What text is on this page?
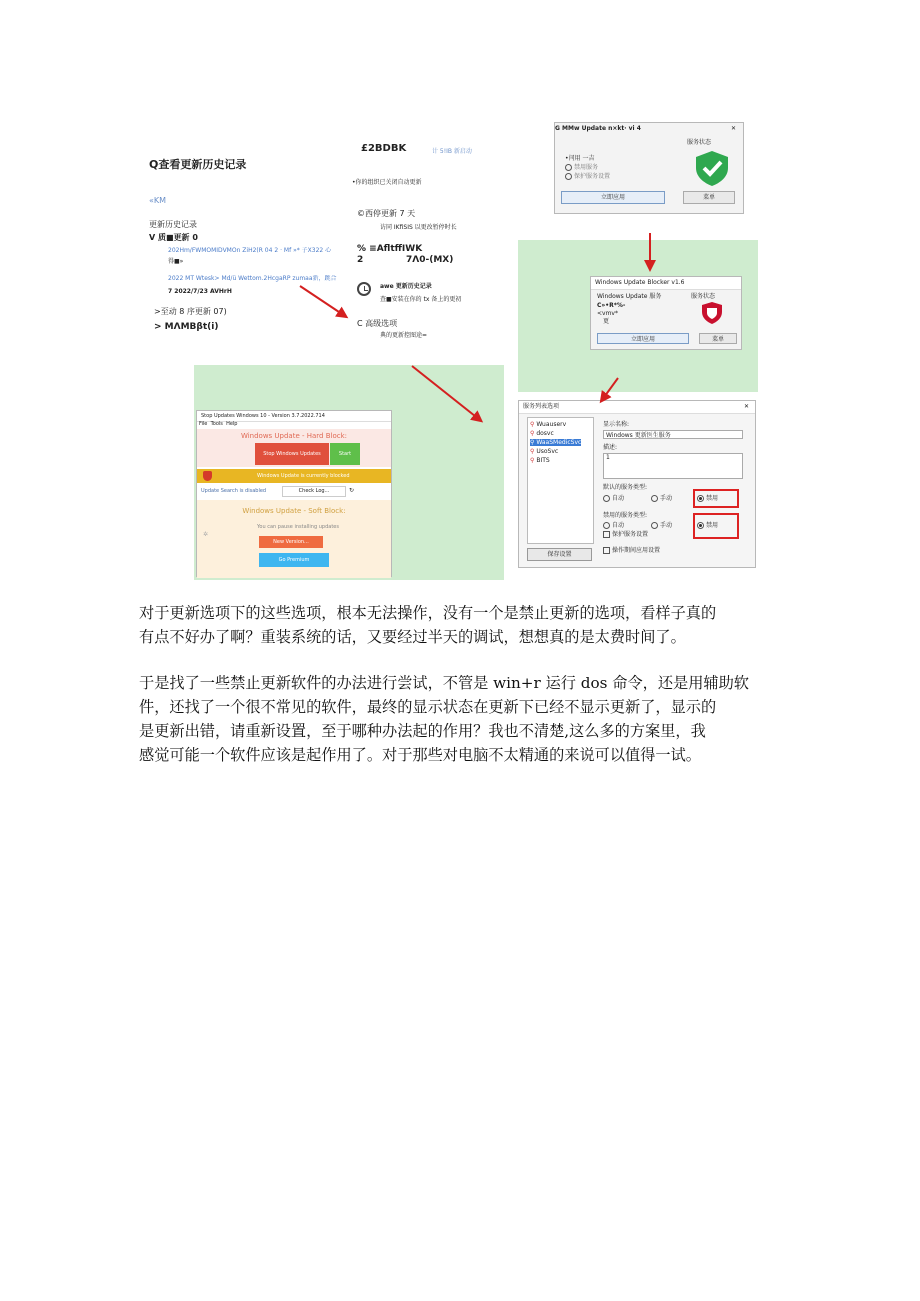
Q查看更新历史记录
«KM
更新历史记录
V 质■更新 0
202Hm/FWMOMIDVMOn ZiH2(R 04 2 · Mf »* 子X322 心
得■»
2022 MT Wtesk> Md/ü Wettom.2HcgaRP zumaa新，跳合
7 2022/7/23 AVHrH
>至动 8 序更新 07)
> MΛMBβt(i)
£2BDBK	计 5!IB 新启动
•你的组织已关闭自动更新
©西停更新 7 天
访同 IKfiSIS 以更改暂停时长
% ≡AfltffIWK
2	7Λ0-(MX)
awe 更新历史记录
查■安装在你的 tx 备上的更初
C 高级选项
典的更新控图途=
G MMw Update n×kt· vi 4	✕
服务状态
•闫用 一吉
禁用服务
保护服务设置
立即应用	菜单
Windows Update Blocker v1.6
Windows Update 服务	服务状态
C»•R*%-
<vmv*
更
立即应用	菜单
Stop Updates Windows 10 - Version 3.7.2022.714
File Tools Help
Windows Update - Hard Block:
Stop Windows Updates	Start
Windows Update is currently blocked
Update Search is disabled	Check Log...	↻
Windows Update - Soft Block:
You can pause installing updates
✲
New Version...
Go Premium
服务列表选项	✕
⚲ Wuauserv
⚲ dosvc
⚲ WaaSMedicSvc
⚲ UsoSvc
⚲ BITS
保存设置
显示名称:
Windows 更新医生服务
描述:
1
默认的服务类型:
自动	手动	禁用
禁用的服务类型:
自动	手动	禁用
保护服务设置
操作期间应用设置
对于更新选项下的这些选项，根本无法操作，没有一个是禁止更新的选项，看样子真的
有点不好办了啊？重装系统的话，又要经过半天的调试，想想真的是太费时间了。
于是找了一些禁止更新软件的办法进行尝试，不管是 win+r 运行 dos 命令，还是用辅助软
件，还找了一个很不常见的软件，最终的显示状态在更新下已经不显示更新了，显示的
是更新出错，请重新设置，至于哪种办法起的作用？我也不清楚,这么多的方案里，我
感觉可能一个软件应该是起作用了。对于那些对电脑不太精通的来说可以值得一试。
